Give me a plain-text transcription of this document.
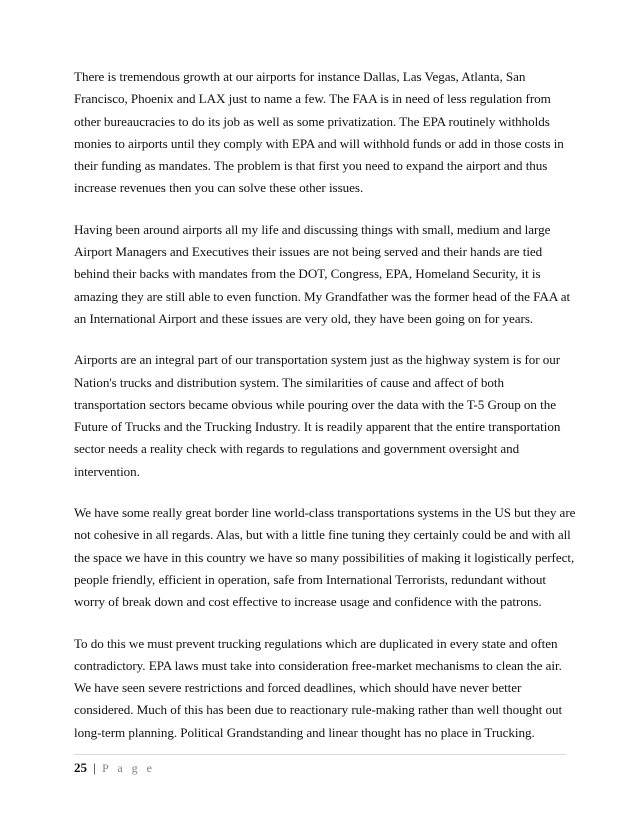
There is tremendous growth at our airports for instance Dallas, Las Vegas, Atlanta, San
Francisco, Phoenix and LAX just to name a few. The FAA is in need of less regulation from
other bureaucracies to do its job as well as some privatization. The EPA routinely withholds
monies to airports until they comply with EPA and will withhold funds or add in those costs in
their funding as mandates. The problem is that first you need to expand the airport and thus
increase revenues then you can solve these other issues.

Having been around airports all my life and discussing things with small, medium and large
Airport Managers and Executives their issues are not being served and their hands are tied
behind their backs with mandates from the DOT, Congress, EPA, Homeland Security, it is
amazing they are still able to even function. My Grandfather was the former head of the FAA at
an International Airport and these issues are very old, they have been going on for years.

Airports are an integral part of our transportation system just as the highway system is for our
Nation's trucks and distribution system. The similarities of cause and affect of both
transportation sectors became obvious while pouring over the data with the T-5 Group on the
Future of Trucks and the Trucking Industry. It is readily apparent that the entire transportation
sector needs a reality check with regards to regulations and government oversight and
intervention.

We have some really great border line world-class transportations systems in the US but they are
not cohesive in all regards. Alas, but with a little fine tuning they certainly could be and with all
the space we have in this country we have so many possibilities of making it logistically perfect,
people friendly, efficient in operation, safe from International Terrorists, redundant without
worry of break down and cost effective to increase usage and confidence with the patrons.

To do this we must prevent trucking regulations which are duplicated in every state and often
contradictory. EPA laws must take into consideration free-market mechanisms to clean the air.
We have seen severe restrictions and forced deadlines, which should have never better
considered. Much of this has been due to reactionary rule-making rather than well thought out
long-term planning. Political Grandstanding and linear thought has no place in Trucking.

25 | P a g e
